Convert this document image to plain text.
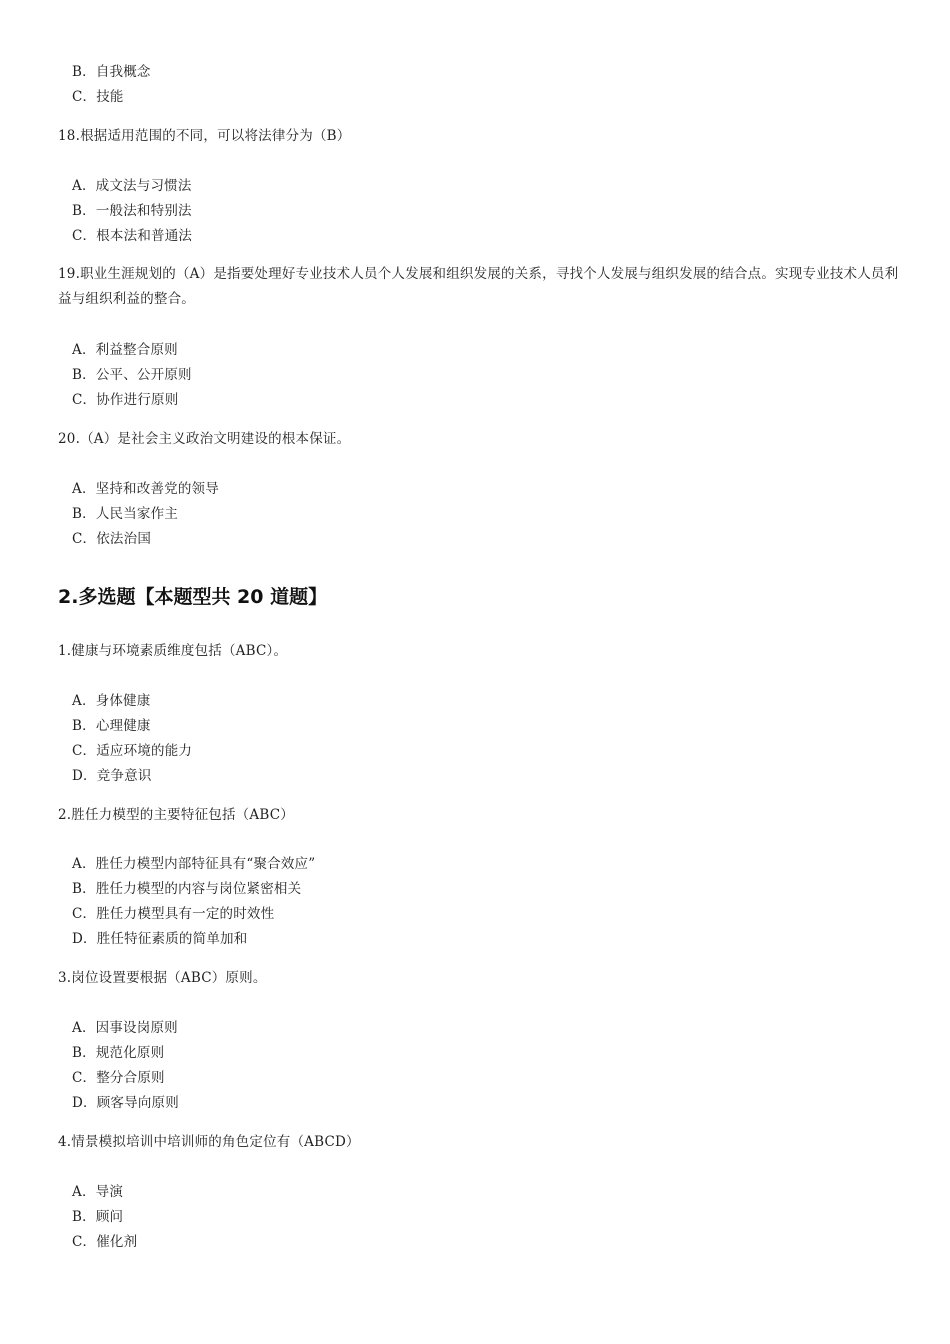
B．自我概念
C．技能
18.根据适用范围的不同，可以将法律分为（B）
A．成文法与习惯法
B．一般法和特别法
C．根本法和普通法
19.职业生涯规划的（A）是指要处理好专业技术人员个人发展和组织发展的关系，寻找个人发展与组织发展的结合点。实现专业技术人员利益与组织利益的整合。
A．利益整合原则
B．公平、公开原则
C．协作进行原则
20.（A）是社会主义政治文明建设的根本保证。
A．坚持和改善党的领导
B．人民当家作主
C．依法治国
2.多选题【本题型共 20 道题】
1.健康与环境素质维度包括（ABC）。
A．身体健康
B．心理健康
C．适应环境的能力
D．竞争意识
2.胜任力模型的主要特征包括（ABC）
A．胜任力模型内部特征具有“聚合效应”
B．胜任力模型的内容与岗位紧密相关
C．胜任力模型具有一定的时效性
D．胜任特征素质的简单加和
3.岗位设置要根据（ABC）原则。
A．因事设岗原则
B．规范化原则
C．整分合原则
D．顾客导向原则
4.情景模拟培训中培训师的角色定位有（ABCD）
A．导演
B．顾问
C．催化剂
